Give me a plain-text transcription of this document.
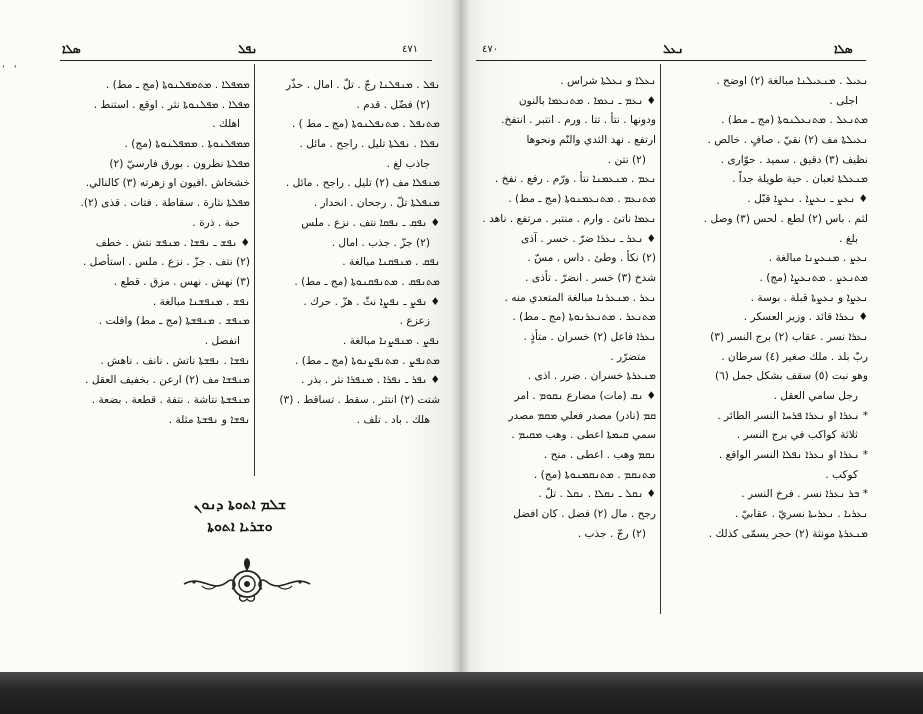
' '
ܣܠܐ	ܢܦܠ	٤٧١	٤٧٠	ܢܥܠ	ܣܠܐ
ܡܡܦܠܐ . ܡܬܡܦܠܢܘܬܐ (مج ـ مط) .
ܡܦܠܐ . ܡܦܠܢܘܬܐ نثر . اوقع . استنط .
اهلك .
ܡܡܦܠܢܘܬܐ . ܡܡܦܠܢܘܬܐ (مج) .
ܡܦܠܬܐ نطرون . بورق فارسيّ (٢)
خشخاش .افيون او زهرته (٣) كالنالي.
ܡܦܠܬܐ نثارة . سقاطة . فتات . قذى (٢).
حبة . ذرة .
♦ ܢܦܫ ـ ܢܦܫܐ . ܡܢܦܫ نتش . خطف
(٢) نتف . جزّ . نزع . ملس . استأصل .
(٣) نهش . نهس . مزق . قطع .
ܢܦܫ . ܡܢܦܫܢܐ مبالغة .
ܡܢܦܫ . ܡܢܦܫܬܐ (مج ـ مط) وافلت .
انفصل .
ܢܦܫܐ . ܢܦܫܬܐ ناتش . نانف . ناهش .
ܡܢܦܫܐ مف (٢) ارعن . بخفيف العقل .
ܡܢܦܫܬܐ نتاشة . نتفة . قطعة . بضعة .
ܢܦܫܐ و ܢܦܫܬܐ مثلة .
ܢܦܠ . ܡܢܦܠܢܐ رجّ . تلّ . امال . حذّر
(٢) فضّل . قدم .
ܡܬܢܦܠ . ܡܬܢܦܠܢܘܬܐ (مج ـ مط ) .
ܢܦܠܐ . ܢܦܠܬܐ تليل . راجح . مائل .
جاذب لغ .
ܡܢܦܠܐ مف (٢) تليل . راجح . مائل .
ܡܢܦܠܬܐ تلّ . رجحان . انحدار .
♦ ܢܦܩ ـ ܢܦܩܐ نتف . نزع . ملس
(٢) جزّ . جذب . امال .
ܢܦܩ . ܡܢܦܩܢܐ مبالغة .
ܡܬܢܦܩ . ܡܬܢܦܩܢܘܬܐ (مج ـ مط) .
♦ ܢܦܨ ـ ܢܦܨܐ نثّ . هزّ . حرك .
زعزع .
ܢܦܨ . ܡܢܦܨܢܐ مبالغة .
ܡܬܢܦܨ . ܡܬܢܦܨܢܘܬܐ (مج ـ مط) .
♦ ܢܦܪ ـ ܢܦܪܐ . ܡܢܦܪܐ نثر . بذر .
شتت (٢) انتثر . سقط . تساقط . (٣)
هلك . باد . تلف .
ܫܠܡ ܐܬܘܬܐ ܕܢܘܢ
ܘܫܪܝܐ ܐܬܘܬܐ
ܢܥܠܐ و ܢܥܠܬܐ شراس .
♦ ܢܥܡ ـ ܢܥܡܐ . ܡܬܢܥܡܐ بالنون
ودونها . نتأ . تتا . ورم . انتبر . انتفخ.
ارتفع . نهد الثدي والنّم ونحوها
(٢) نتن .
ܢܥܡ . ܡܢܥܡܢܐ نتأ . ورّم . رفع . نفخ .
ܡܬܢܥܡ . ܡܬܢܥܡܢܘܬܐ (مج ـ مط) .
ܢܥܡܐ ناتئ . وارم . منتبر . مرتفع . ناهد .
♦ ܢܥܪ ـ ܢܥܪܐ ضرّ . خسر . آذى
(٢) نكأ . وطئ . داس . مسّ .
شدخ (٣) خسر . انضرّ . تأذى .
ܢܥܪ . ܡܢܥܪܢܐ مبالغة المتعدي منه .
ܡܬܢܥܪ . ܡܬܢܥܪܢܘܬܐ (مج ـ مط) .
ܢܥܪܐ فاعل (٢) خسران . متأذٍ .
متضرّر .
ܡܢܥܪܬܐ خسران . ضرر . اذى .
♦ ܢܩ (مات) مضارع ܢܩܘܡ . امر
ܩܡ (نادر) مصدر فعلي ܡܩܡ مصدر
سمي ܩܝܡܬܐ اعطى . وهب ܡܩܝܡ .
ܢܩܡ وهب . اعطى . منح .
ܡܬܢܩܡ . ܡܬܢܩܡܢܘܬܐ (مج) .
♦ ܢܩܠ ـ ܢܩܠܐ . ܢܩܠ . تلّ .
رجح . مال (٢) فضل . كان افضل
(٢) رجّ . جذب .
ܢܥܝܠ . ܡܢܥܝܠܢܐ مبالغة (٢) اوضح .
اجلى .
ܡܬܢܥܠ . ܡܬܢܥܠܢܘܬܐ (مج ـ مط) .
ܢܥܝܠܬܐ مف (٢) نقيّ . صافٍ . خالص .
نظيف (٣) دقيق . سميد . حوّارى .
ܡܢܥܠܬܐ ثعبان . حية طويلة جداً .
♦ ܢܥܨ ـ ܢܥܨܐ . ܢܥܨܐ قبّل .
لثم . باس (٢) لطع . لحس (٣) وصل .
بلغ .
ܢܥܨ . ܡܢܥܨܢܐ مبالغة .
ܡܬܢܥܨ . ܡܬܢܥܨܐ (مج) .
ܢܥܨܐ و ܢܥܨܬܐ قبلة . بوسة .
♦ ܢܥܪܐ قائد . وزير العسكر .
ܢܥܪܐ نسر . عقاب (٢) برج النسر (٣)
ربّ بلد . ملك صغير (٤) سرطان .
وهو نبت (٥) سقف بشكل جمل (٦)
رجل سامي العقل .
* ܢܥܪܐ او ܢܥܪܐ ܦܪܚܐ النسر الطائر .
ثلاثة كواكب في برج النسر .
* ܢܥܪܐ او ܢܥܪܐ ܢܦܠܐ النسر الواقع .
كوكب .
* ܒܪ ܢܥܪܐ نسر . فرخ النسر .
ܢܥܪܝܐ . ܢܥܪܝܬܐ نسريّ . عقابيّ .
ܡܢܥܪܬܐ مونثة (٢) حجر يسمّى كذلك .
